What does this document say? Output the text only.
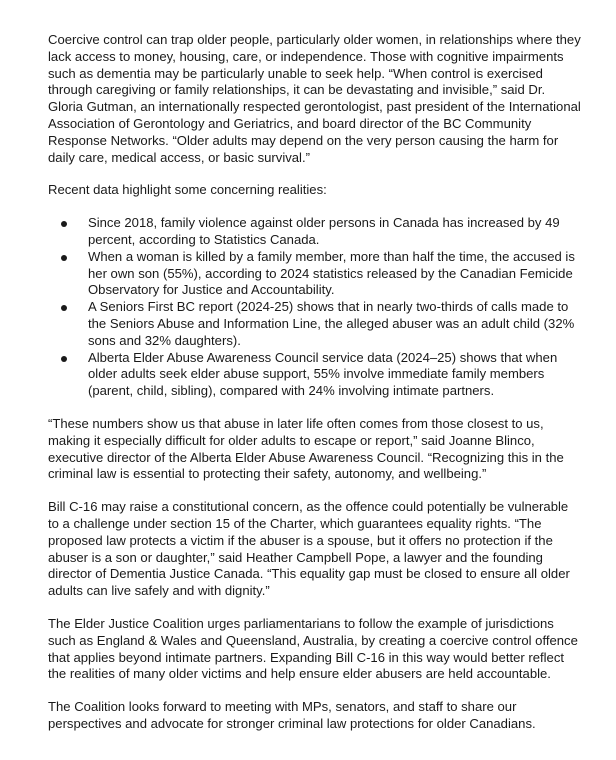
Coercive control can trap older people, particularly older women, in relationships where they lack access to money, housing, care, or independence. Those with cognitive impairments such as dementia may be particularly unable to seek help. “When control is exercised through caregiving or family relationships, it can be devastating and invisible,” said Dr. Gloria Gutman, an internationally respected gerontologist, past president of the International Association of Gerontology and Geriatrics, and board director of the BC Community Response Networks. “Older adults may depend on the very person causing the harm for daily care, medical access, or basic survival.”

Recent data highlight some concerning realities:

Since 2018, family violence against older persons in Canada has increased by 49 percent, according to Statistics Canada.
When a woman is killed by a family member, more than half the time, the accused is her own son (55%), according to 2024 statistics released by the Canadian Femicide Observatory for Justice and Accountability.
A Seniors First BC report (2024-25) shows that in nearly two-thirds of calls made to the Seniors Abuse and Information Line, the alleged abuser was an adult child (32% sons and 32% daughters).
Alberta Elder Abuse Awareness Council service data (2024–25) shows that when older adults seek elder abuse support, 55% involve immediate family members (parent, child, sibling), compared with 24% involving intimate partners.

“These numbers show us that abuse in later life often comes from those closest to us, making it especially difficult for older adults to escape or report,” said Joanne Blinco, executive director of the Alberta Elder Abuse Awareness Council. “Recognizing this in the criminal law is essential to protecting their safety, autonomy, and wellbeing.”

Bill C-16 may raise a constitutional concern, as the offence could potentially be vulnerable to a challenge under section 15 of the Charter, which guarantees equality rights. “The proposed law protects a victim if the abuser is a spouse, but it offers no protection if the abuser is a son or daughter,” said Heather Campbell Pope, a lawyer and the founding director of Dementia Justice Canada. “This equality gap must be closed to ensure all older adults can live safely and with dignity.”

The Elder Justice Coalition urges parliamentarians to follow the example of jurisdictions such as England & Wales and Queensland, Australia, by creating a coercive control offence that applies beyond intimate partners. Expanding Bill C-16 in this way would better reflect the realities of many older victims and help ensure elder abusers are held accountable.

The Coalition looks forward to meeting with MPs, senators, and staff to share our perspectives and advocate for stronger criminal law protections for older Canadians.
